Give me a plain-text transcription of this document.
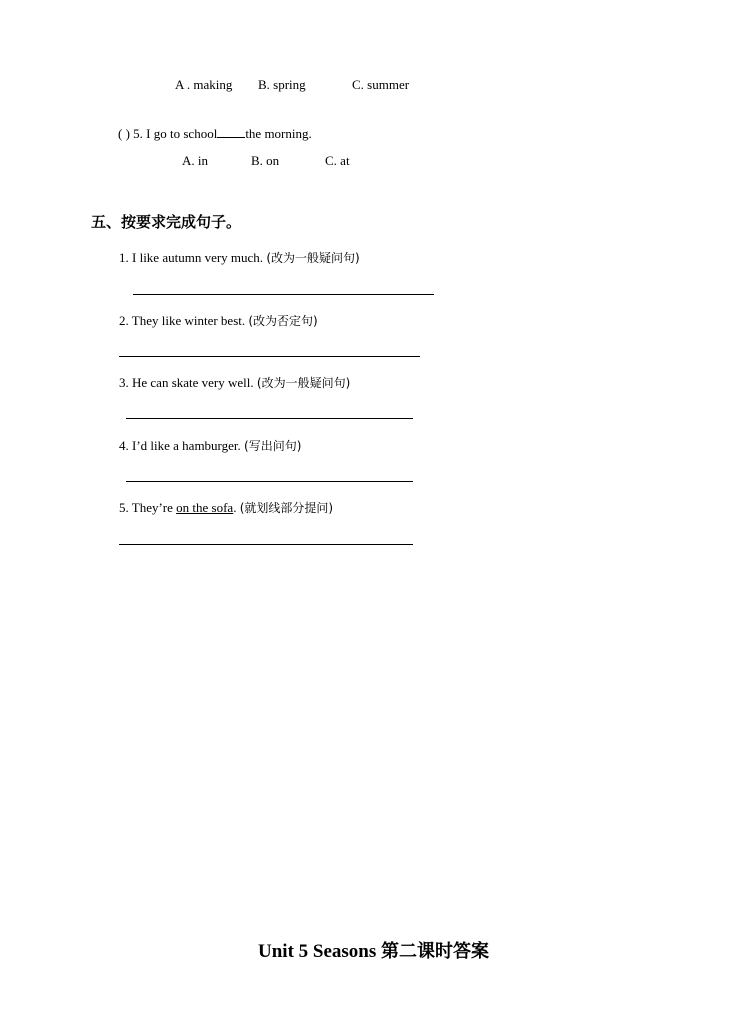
A . making B. spring	C. summer
( ) 5. I go to school the morning.
A. in	B. on	C. at
五、按要求完成句子。
1. I like autumn very much. (改为一般疑问句)
2. They like winter best. (改为否定句)
3. He can skate very well. (改为一般疑问句)
4. I’d like a hamburger. (写出问句)
5. They’re on the sofa. (就划线部分提问)
Unit 5 Seasons 第二课时答案
